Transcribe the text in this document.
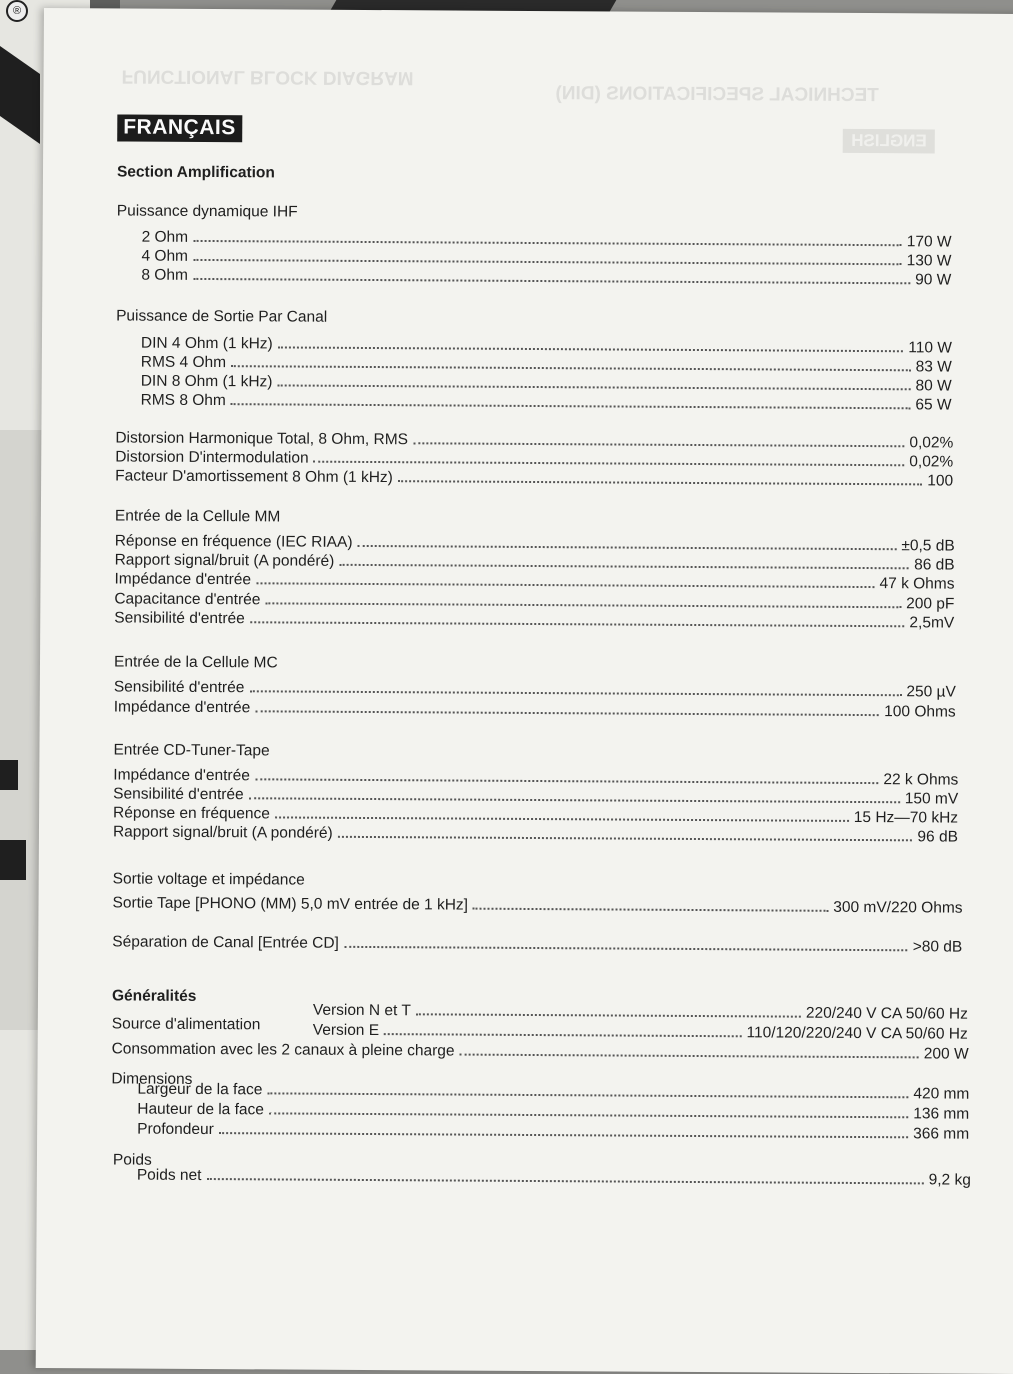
®
FUNCTIONAL BLOCK DIAGRAM
TECHNICAL SPECIFICATIONS (DIN)
ENGLISH
FRANÇAIS
Section Amplification
Puissance dynamique IHF
2 Ohm	170 W
4 Ohm	130 W
8 Ohm	90 W
Puissance de Sortie Par Canal
DIN 4 Ohm (1 kHz)	110 W
RMS 4 Ohm	83 W
DIN 8 Ohm (1 kHz)	80 W
RMS 8 Ohm	65 W
Distorsion Harmonique Total, 8 Ohm, RMS	0,02%
Distorsion D'intermodulation	0,02%
Facteur D'amortissement 8 Ohm (1 kHz)	100
Entrée de la Cellule MM
Réponse en fréquence (IEC RIAA)	±0,5 dB
Rapport signal/bruit (A pondéré)	86 dB
Impédance d'entrée	47 k Ohms
Capacitance d'entrée	200 pF
Sensibilité d'entrée	2,5mV
Entrée de la Cellule MC
Sensibilité d'entrée	250 µV
Impédance d'entrée	100 Ohms
Entrée CD-Tuner-Tape
Impédance d'entrée	22 k Ohms
Sensibilité d'entrée	150 mV
Réponse en fréquence	15 Hz—70 kHz
Rapport signal/bruit (A pondéré)	96 dB
Sortie voltage et impédance
Sortie Tape [PHONO (MM) 5,0 mV entrée de 1 kHz]	300 mV/220 Ohms
Séparation de Canal [Entrée CD]	>80 dB
Généralités
Source d'alimentation
Version N et T	220/240 V CA 50/60 Hz
Version E	110/120/220/240 V CA 50/60 Hz
Consommation avec les 2 canaux à pleine charge	200 W
Dimensions
Largeur de la face	420 mm
Hauteur de la face	136 mm
Profondeur	366 mm
Poids
Poids net	9,2 kg
